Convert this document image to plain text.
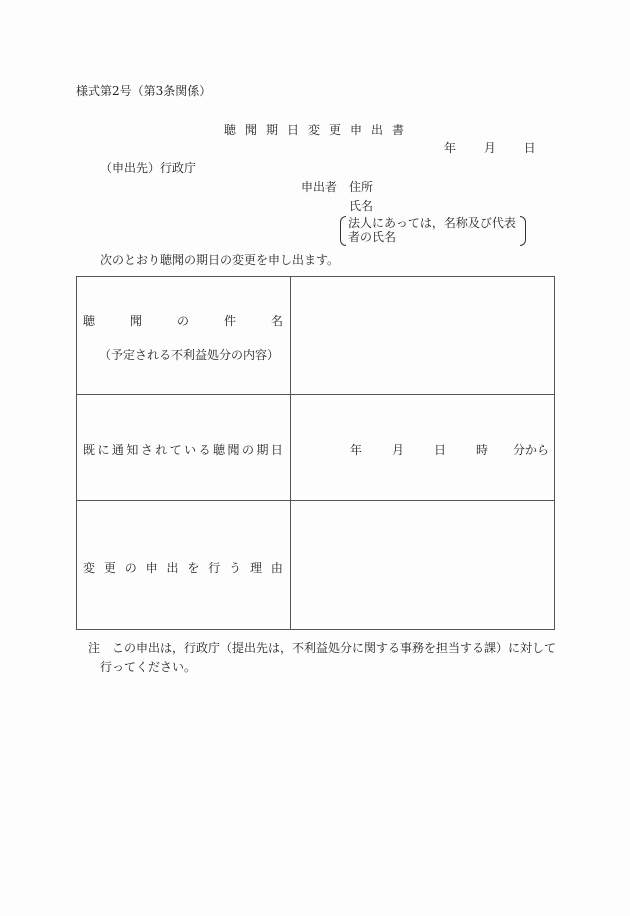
様式第2号（第3条関係）
聴聞期日変更申出書
年 月 日
（申出先）行政庁
申出者 住所
氏名
法人にあっては，名称及び代表
者の氏名
次のとおり聴聞の期日の変更を申し出ます。
聴	聞	の	件	名
（予定される不利益処分の内容）
既 に 通 知 さ れ て い る 聴 聞 の 期 日	年	月	日	時	分から
変 更 の 申 出 を 行 う 理 由
注　この申出は，行政庁（提出先は，不利益処分に関する事務を担当する課）に対して
行ってください。
